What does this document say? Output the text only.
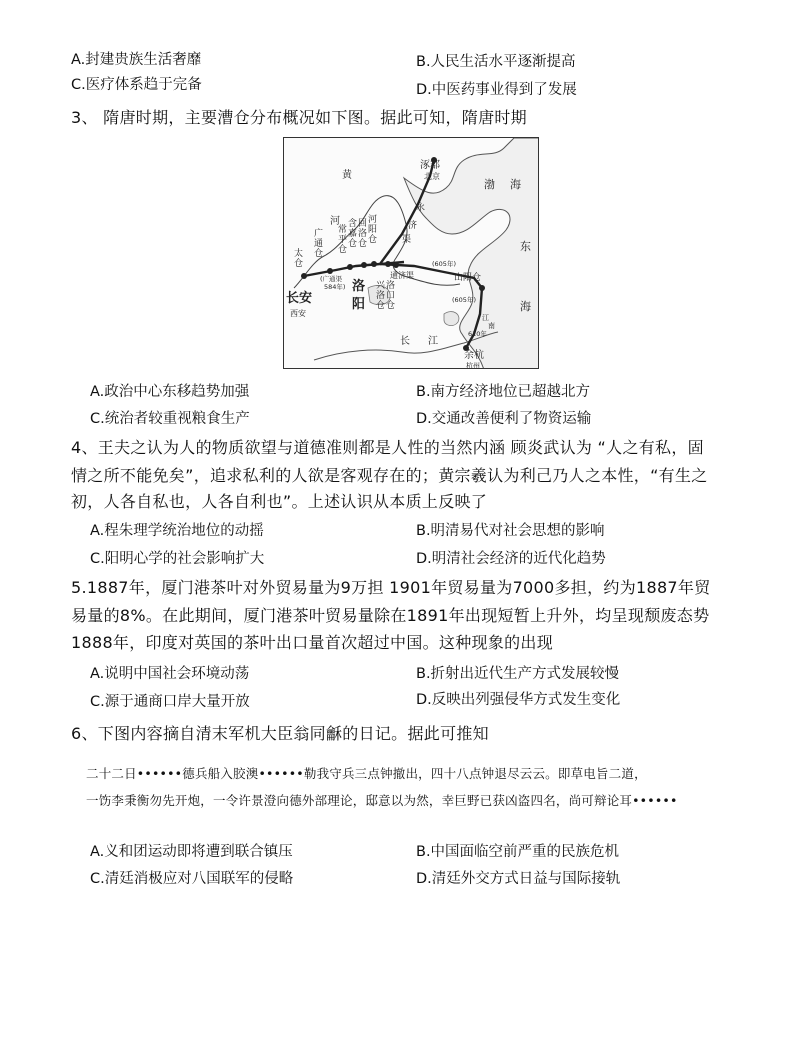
A.封建贵族生活奢靡	B.人民生活水平逐渐提高
C.医疗体系趋于完备	D.中医药事业得到了发展
3、 隋唐时期，主要漕仓分布概况如下图。据此可知，隋唐时期
涿郡
北京
渤 海
东
海
黄
河
永
济
渠
广
通
仓
常
平
仓
含
嘉
仓
回
洛
仓
河
阳
仓
太
仓
(广通渠
584年)
通 济 渠
兴
洛
仓
洛
口
仓
(605年)
山阳 仓
(605年)
江
南
610年
长安
西安
洛
阳
长 江
余杭
杭州
A.政治中心东移趋势加强	B.南方经济地位已超越北方
C.统治者较重视粮食生产	D.交通改善便利了物资运输
4、王夫之认为人的物质欲望与道德准则都是人性的当然内涵 顾炎武认为 “人之有私，固
情之所不能免矣”，追求私利的人欲是客观存在的；黄宗羲认为利己乃人之本性，“有生之
初，人各自私也，人各自利也”。上述认识从本质上反映了
A.程朱理学统治地位的动摇	B.明清易代对社会思想的影响
C.阳明心学的社会影响扩大	D.明清社会经济的近代化趋势
5.1887年，厦门港茶叶对外贸易量为9万担 1901年贸易量为7000多担，约为1887年贸
易量的8%。在此期间，厦门港茶叶贸易量除在1891年出现短暂上升外，均呈现颓废态势
1888年，印度对英国的茶叶出口量首次超过中国。这种现象的出现
A.说明中国社会环境动荡	B.折射出近代生产方式发展较慢
C.源于通商口岸大量开放	D.反映出列强侵华方式发生变化
6、下图内容摘自清末军机大臣翁同龢的日记。据此可推知
二十二日••••••德兵船入胶澳••••••勒我守兵三点钟撤出，四十八点钟退尽云云。即草电旨二道，
一饬李秉衡勿先开炮，一令许景澄向德外部理论，邸意以为然，幸巨野已获凶盗四名，尚可辩论耳••••••
A.义和团运动即将遭到联合镇压	B.中国面临空前严重的民族危机
C.清廷消极应对八国联军的侵略	D.清廷外交方式日益与国际接轨
